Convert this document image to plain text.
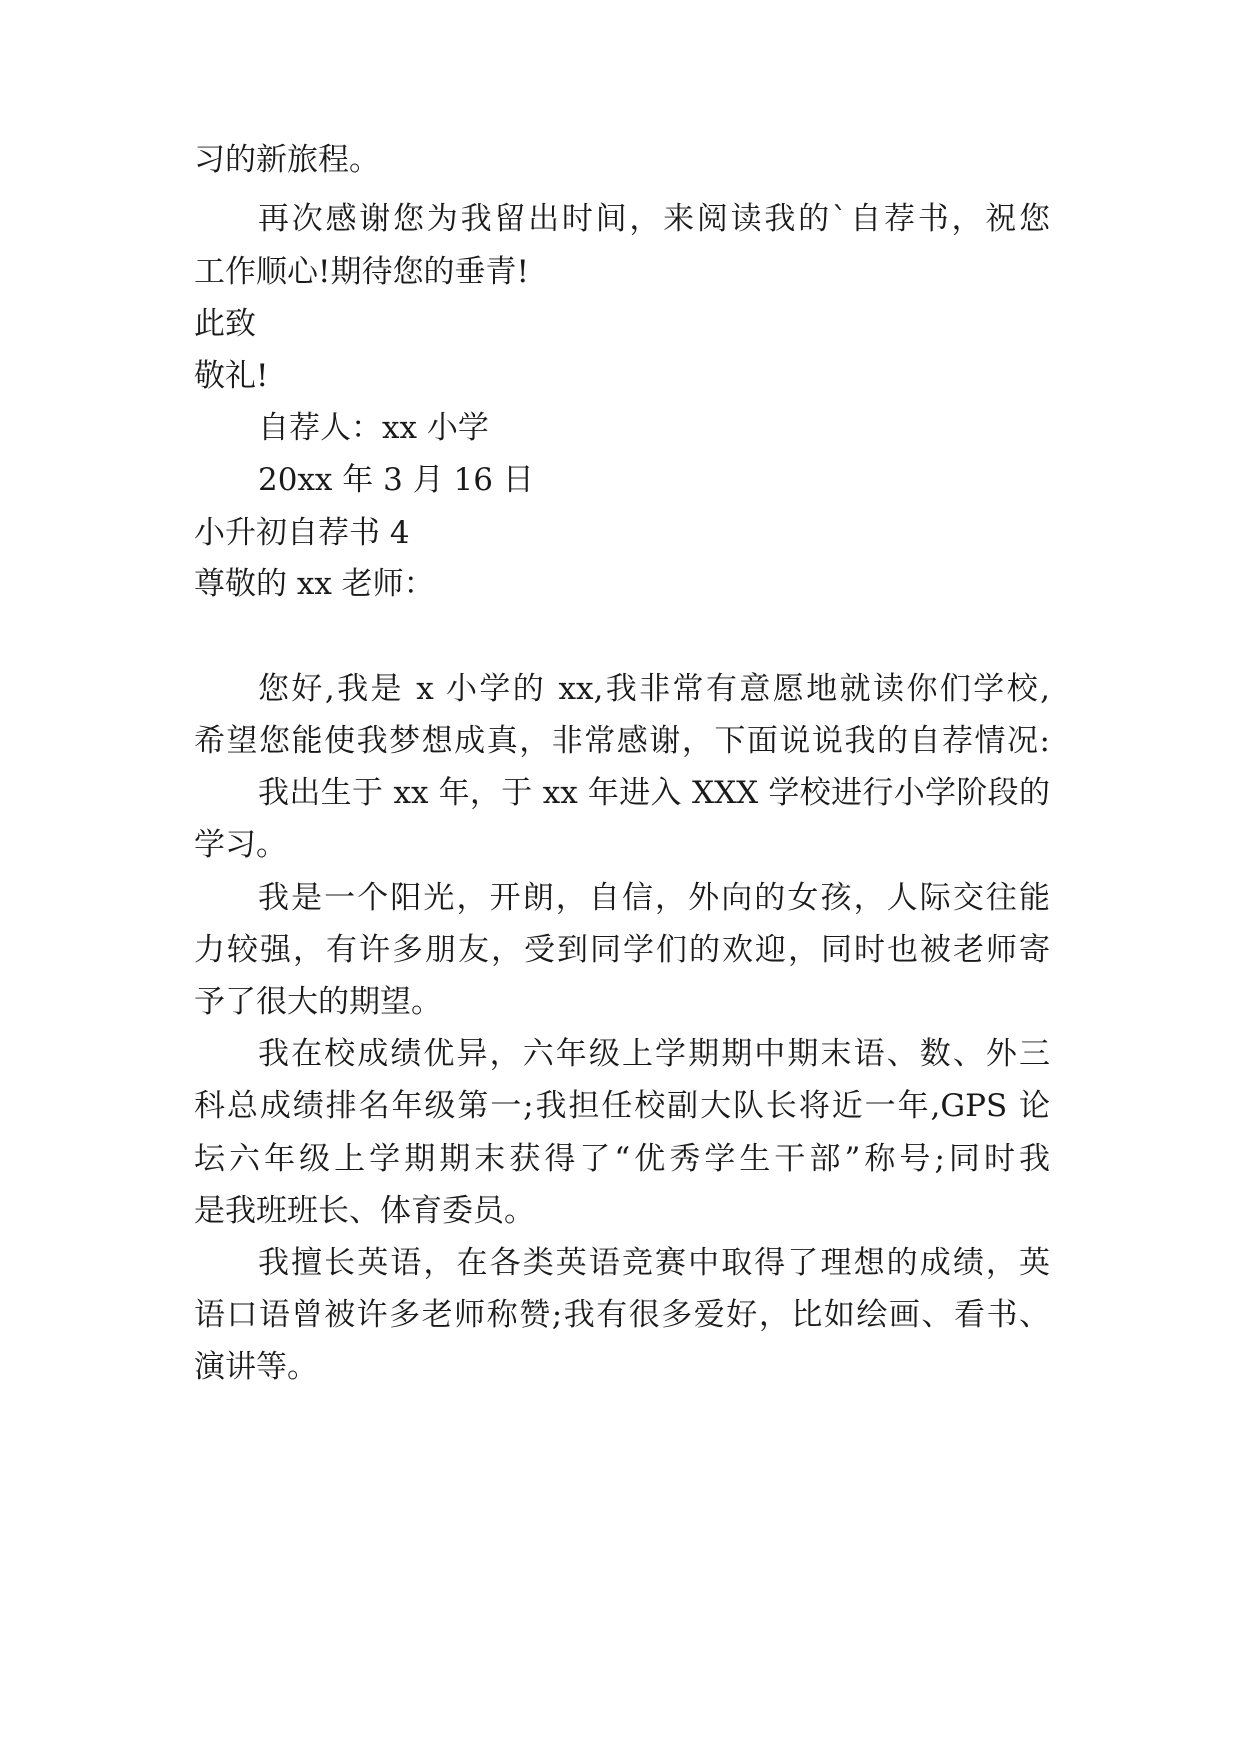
习的新旅程。
再次感谢您为我留出时间，来阅读我的`自荐书，祝您
工作顺心!期待您的垂青!
此致
敬礼!
自荐人：xx 小学
20xx 年 3 月 16 日
小升初自荐书 4
尊敬的 xx 老师：
您好,我是 x 小学的 xx,我非常有意愿地就读你们学校,
希望您能使我梦想成真，非常感谢，下面说说我的自荐情况:
我出生于 xx 年，于 xx 年进入 XXX 学校进行小学阶段的
学习。
我是一个阳光，开朗，自信，外向的女孩，人际交往能
力较强，有许多朋友，受到同学们的欢迎，同时也被老师寄
予了很大的期望。
我在校成绩优异，六年级上学期期中期末语、数、外三
科总成绩排名年级第一;我担任校副大队长将近一年,GPS 论
坛六年级上学期期末获得了“优秀学生干部”称号;同时我
是我班班长、体育委员。
我擅长英语，在各类英语竞赛中取得了理想的成绩，英
语口语曾被许多老师称赞;我有很多爱好，比如绘画、看书、
演讲等。
